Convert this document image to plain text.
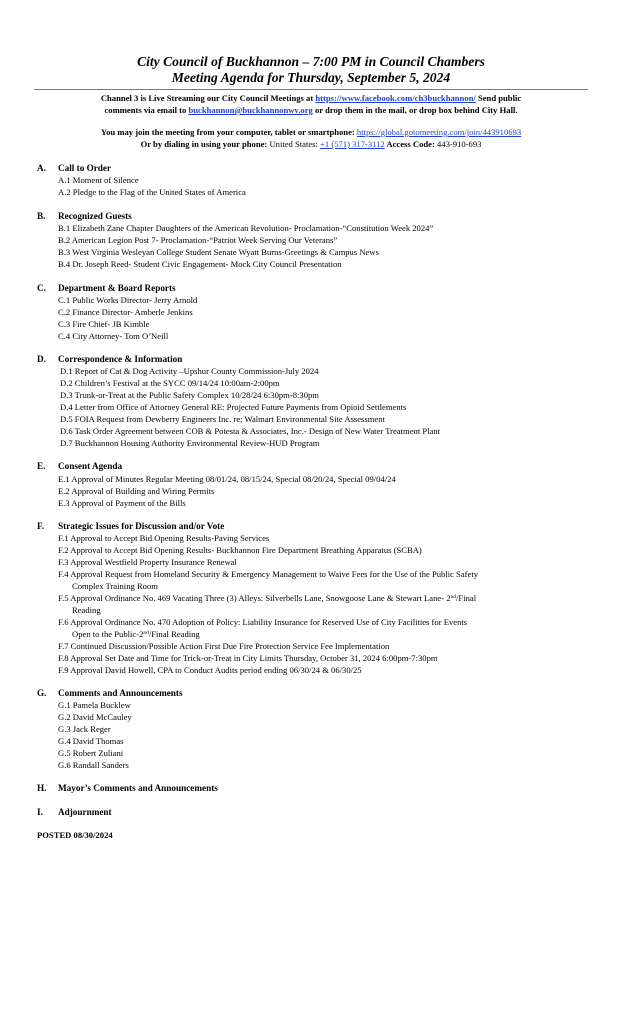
City Council of Buckhannon – 7:00 PM in Council Chambers
Meeting Agenda for Thursday, September 5, 2024
Channel 3 is Live Streaming our City Council Meetings at https://www.facebook.com/ch3buckhannon/ Send public
comments via email to buckhannon@buckhannonwv.org or drop them in the mail, or drop box behind City Hall.
You may join the meeting from your computer, tablet or smartphone: https://global.gotomeeting.com/join/443910693
Or by dialing in using your phone: United States: +1 (571) 317-3112 Access Code: 443-910-693
A. Call to Order
A.1 Moment of Silence
A.2 Pledge to the Flag of the United States of America
B. Recognized Guests
B.1 Elizabeth Zane Chapter Daughters of the American Revolution- Proclamation-“Constitution Week 2024”
B.2 American Legion Post 7- Proclamation-“Patriot Week Serving Our Veterans”
B.3 West Virginia Wesleyan College Student Senate Wyatt Burns-Greetings & Campus News
B.4 Dr. Joseph Reed- Student Civic Engagement- Mock City Council Presentation
C. Department & Board Reports
C.1 Public Works Director- Jerry Arnold
C.2 Finance Director- Amberle Jenkins
C.3 Fire Chief- JB Kimble
C.4 City Attorney- Tom O’Neill
D. Correspondence & Information
D.1 Report of Cat & Dog Activity –Upshur County Commission-July 2024
D.2 Children’s Festival at the SYCC 09/14/24 10:00am-2:00pm
D.3 Trunk-or-Treat at the Public Safety Complex 10/28/24 6:30pm-8:30pm
D.4 Letter from Office of Attorney General RE: Projected Future Payments from Opioid Settlements
D.5 FOIA Request from Dewberry Engineers Inc. re; Walmart Environmental Site Assessment
D.6 Task Order Agreement between COB & Potesta & Associates, Inc.- Design of New Water Treatment Plant
D.7 Buckhannon Housing Authority Environmental Review-HUD Program
E. Consent Agenda
E.1 Approval of Minutes Regular Meeting 08/01/24, 08/15/24, Special 08/20/24, Special 09/04/24
E.2 Approval of Building and Wiring Permits
E.3 Approval of Payment of the Bills
F. Strategic Issues for Discussion and/or Vote
F.1 Approval to Accept Bid Opening Results-Paving Services
F.2 Approval to Accept Bid Opening Results- Buckhannon Fire Department Breathing Apparatus (SCBA)
F.3 Approval Westfield Property Insurance Renewal
F.4 Approval Request from Homeland Security & Emergency Management to Waive Fees for the Use of the Public Safety
Complex Training Room
F.5 Approval Ordinance No. 469 Vacating Three (3) Alleys: Silverbells Lane, Snowgoose Lane & Stewart Lane- 2nd/Final
Reading
F.6 Approval Ordinance No. 470 Adoption of Policy: Liability Insurance for Reserved Use of City Facilities for Events
Open to the Public-2nd/Final Reading
F.7 Continued Discussion/Possible Action First Due Fire Protection Service Fee Implementation
F.8 Approval Set Date and Time for Trick-or-Treat in City Limits Thursday, October 31, 2024 6:00pm-7:30pm
F.9 Approval David Howell, CPA to Conduct Audits period ending 06/30/24 & 06/30/25
G. Comments and Announcements
G.1 Pamela Bucklew
G.2 David McCauley
G.3 Jack Reger
G.4 David Thomas
G.5 Robert Zuliani
G.6 Randall Sanders
H. Mayor’s Comments and Announcements
I. Adjournment
POSTED 08/30/2024
